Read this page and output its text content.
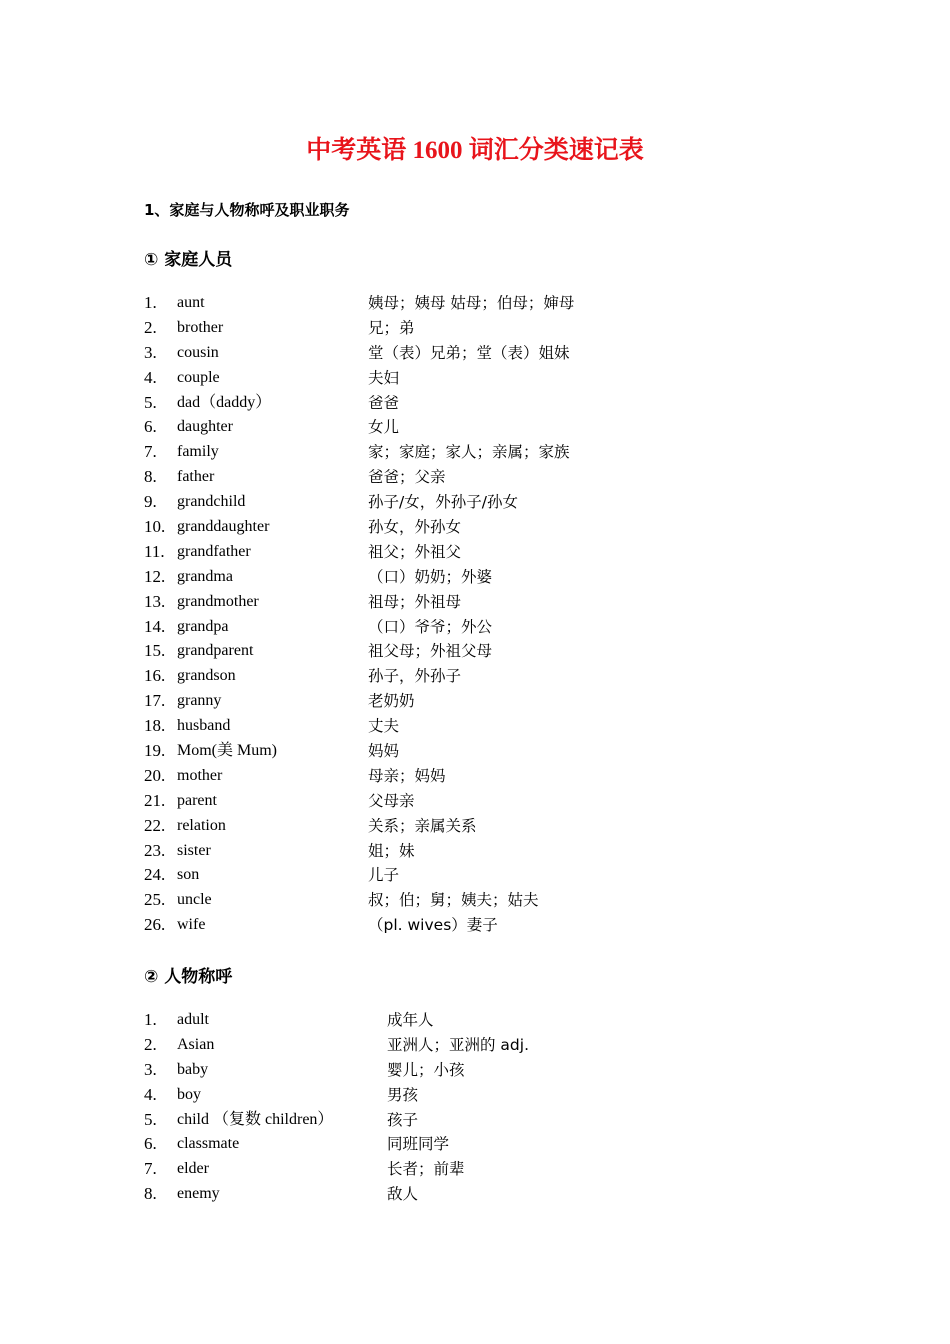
中考英语 1600 词汇分类速记表
1、家庭与人物称呼及职业职务
① 家庭人员
1. aunt	姨母；姨母 姑母；伯母；婶母
2. brother	兄；弟
3. cousin	堂（表）兄弟；堂（表）姐妹
4. couple	夫妇
5. dad（daddy）	爸爸
6. daughter	女儿
7. family	家；家庭；家人；亲属；家族
8. father	爸爸；父亲
9. grandchild	孙子/女，外孙子/孙女
10. granddaughter	孙女，外孙女
11. grandfather	祖父；外祖父
12. grandma	（口）奶奶；外婆
13. grandmother	祖母；外祖母
14. grandpa	（口）爷爷；外公
15. grandparent	祖父母；外祖父母
16. grandson	孙子，外孙子
17. granny	老奶奶
18. husband	丈夫
19. Mom(美 Mum)	妈妈
20. mother	母亲；妈妈
21. parent	父母亲
22. relation	关系；亲属关系
23. sister	姐；妹
24. son	儿子
25. uncle	叔；伯；舅；姨夫；姑夫
26. wife	（pl. wives）妻子
② 人物称呼
1. adult	成年人
2. Asian	亚洲人；亚洲的 adj.
3. baby	婴儿；小孩
4. boy	男孩
5. child （复数 children）	孩子
6. classmate	同班同学
7. elder	长者；前辈
8. enemy	敌人
